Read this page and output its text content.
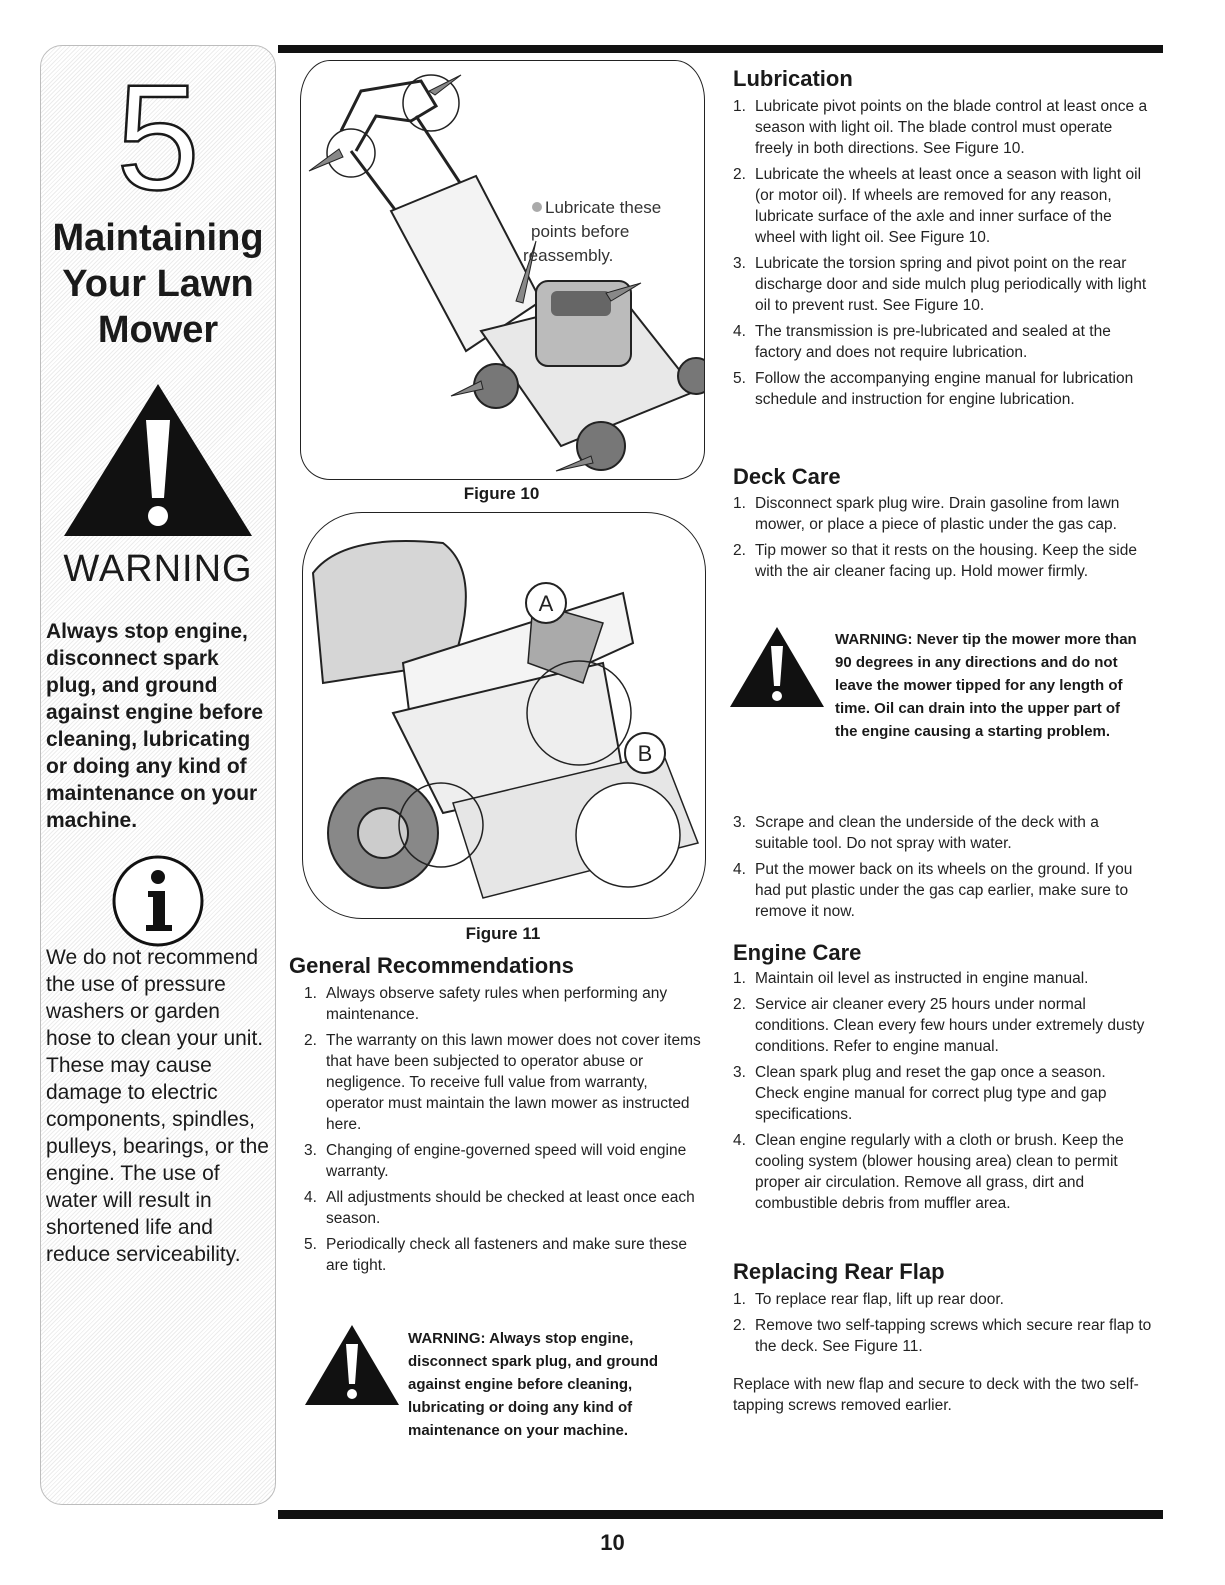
5
Maintaining Your Lawn Mower
WARNING
Always stop engine, disconnect spark plug, and ground against engine before cleaning, lubricating or doing any kind of maintenance on your machine.
We do not recommend the use of pressure washers or garden hose to clean your unit. These may cause damage to electric components, spindles, pulleys, bearings, or the engine. The use of water will result in shortened life and reduce serviceability.
Lubricate these
points before
reassembly.
Figure 10
A
B
Figure 11
General Recommendations
1. Always observe safety rules when performing any maintenance.
2. The warranty on this lawn mower does not cover items that have been subjected to operator abuse or negligence. To receive full value from warranty, operator must maintain the lawn mower as instructed here.
3. Changing of engine-governed speed will void engine warranty.
4. All adjustments should be checked at least once each season.
5. Periodically check all fasteners and make sure these are tight.
WARNING: Always stop engine, disconnect spark plug, and ground against engine before cleaning, lubricating or doing any kind of maintenance on your machine.
Lubrication
1. Lubricate pivot points on the blade control at least once a season with light oil. The blade control must operate freely in both directions. See Figure 10.
2. Lubricate the wheels at least once a season with light oil (or motor oil). If wheels are removed for any reason, lubricate surface of the axle and inner surface of the wheel with light oil. See Figure 10.
3. Lubricate the torsion spring and pivot point on the rear discharge door and side mulch plug periodically with light oil to prevent rust. See Figure 10.
4. The transmission is pre-lubricated and sealed at the factory and does not require lubrication.
5. Follow the accompanying engine manual for lubrication schedule and instruction for engine lubrication.
Deck Care
1. Disconnect spark plug wire. Drain gasoline from lawn mower, or place a piece of plastic under the gas cap.
2. Tip mower so that it rests on the housing. Keep the side with the air cleaner facing up. Hold mower firmly.
WARNING: Never tip the mower more than 90 degrees in any directions and do not leave the mower tipped for any length of time. Oil can drain into the upper part of the engine causing a starting problem.
3. Scrape and clean the underside of the deck with a suitable tool. Do not spray with water.
4. Put the mower back on its wheels on the ground. If you had put plastic under the gas cap earlier, make sure to remove it now.
Engine Care
1. Maintain oil level as instructed in engine manual.
2. Service air cleaner every 25 hours under normal conditions. Clean every few hours under extremely dusty conditions. Refer to engine manual.
3. Clean spark plug and reset the gap once a season. Check engine manual for correct plug type and gap specifications.
4. Clean engine regularly with a cloth or brush. Keep the cooling system (blower housing area) clean to permit proper air circulation. Remove all grass, dirt and combustible debris from muffler area.
Replacing Rear Flap
1. To replace rear flap, lift up rear door.
2. Remove two self-tapping screws which secure rear flap to the deck. See Figure 11.

Replace with new flap and secure to deck with the two self-tapping screws removed earlier.

10
